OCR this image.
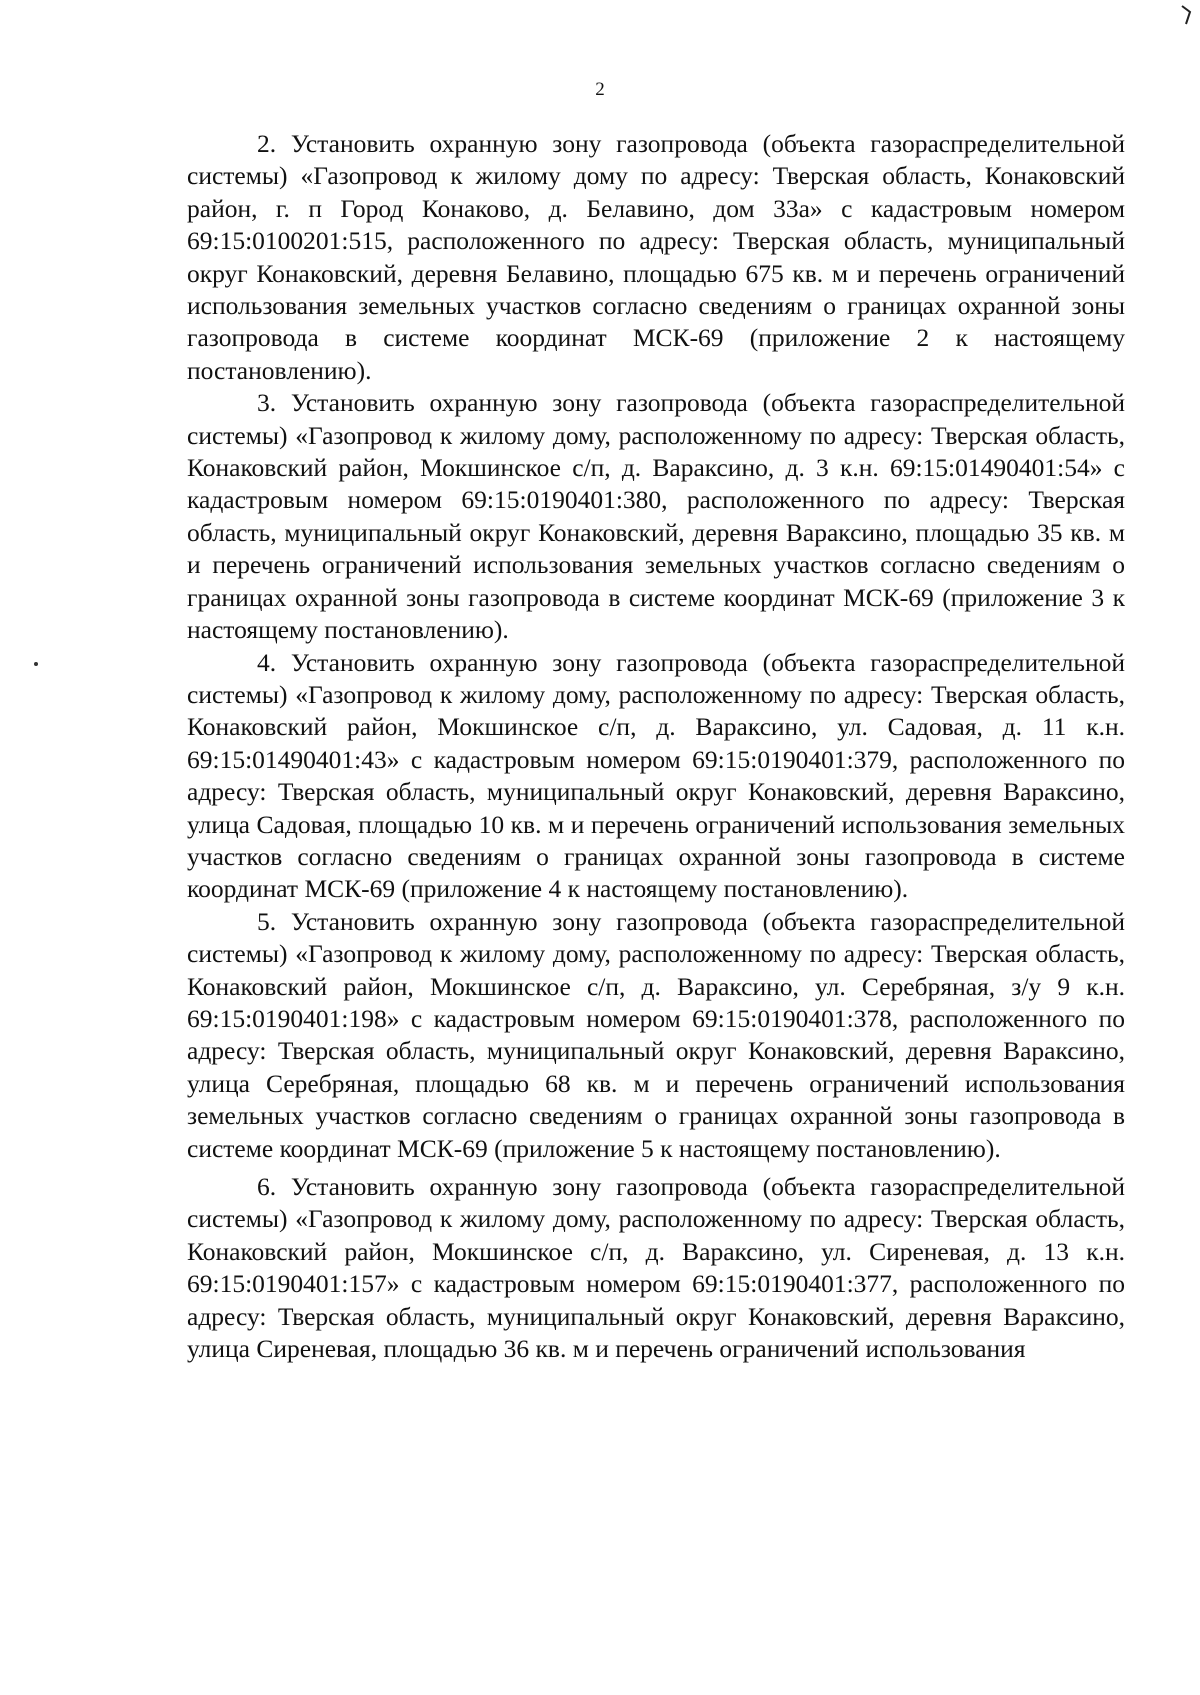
2

2. Установить охранную зону газопровода (объекта газораспределительной системы) «Газопровод к жилому дому по адресу: Тверская область, Конаковский район, г. п Город Конаково, д. Белавино, дом 33а» с кадастровым номером 69:15:0100201:515, расположенного по адресу: Тверская область, муниципальный округ Конаковский, деревня Белавино, площадью 675 кв. м и перечень ограничений использования земельных участков согласно сведениям о границах охранной зоны газопровода в системе координат МСК-69 (приложение 2 к настоящему постановлению).

3. Установить охранную зону газопровода (объекта газораспределительной системы) «Газопровод к жилому дому, расположенному по адресу: Тверская область, Конаковский район, Мокшинское с/п, д. Вараксино, д. 3 к.н. 69:15:01490401:54» с кадастровым номером 69:15:0190401:380, расположенного по адресу: Тверская область, муниципальный округ Конаковский, деревня Вараксино, площадью 35 кв. м и перечень ограничений использования земельных участков согласно сведениям о границах охранной зоны газопровода в системе координат МСК-69 (приложение 3 к настоящему постановлению).

4. Установить охранную зону газопровода (объекта газораспределительной системы) «Газопровод к жилому дому, расположенному по адресу: Тверская область, Конаковский район, Мокшинское с/п, д. Вараксино, ул. Садовая, д. 11 к.н. 69:15:01490401:43» с кадастровым номером 69:15:0190401:379, расположенного по адресу: Тверская область, муниципальный округ Конаковский, деревня Вараксино, улица Садовая, площадью 10 кв. м и перечень ограничений использования земельных участков согласно сведениям о границах охранной зоны газопровода в системе координат МСК-69 (приложение 4 к настоящему постановлению).

5. Установить охранную зону газопровода (объекта газораспределительной системы) «Газопровод к жилому дому, расположенному по адресу: Тверская область, Конаковский район, Мокшинское с/п, д. Вараксино, ул. Серебряная, з/у 9 к.н. 69:15:0190401:198» с кадастровым номером 69:15:0190401:378, расположенного по адресу: Тверская область, муниципальный округ Конаковский, деревня Вараксино, улица Серебряная, площадью 68 кв. м и перечень ограничений использования земельных участков согласно сведениям о границах охранной зоны газопровода в системе координат МСК-69 (приложение 5 к настоящему постановлению).

6. Установить охранную зону газопровода (объекта газораспределительной системы) «Газопровод к жилому дому, расположенному по адресу: Тверская область, Конаковский район, Мокшинское с/п, д. Вараксино, ул. Сиреневая, д. 13 к.н. 69:15:0190401:157» с кадастровым номером 69:15:0190401:377, расположенного по адресу: Тверская область, муниципальный округ Конаковский, деревня Вараксино, улица Сиреневая, площадью 36 кв. м и перечень ограничений использования
